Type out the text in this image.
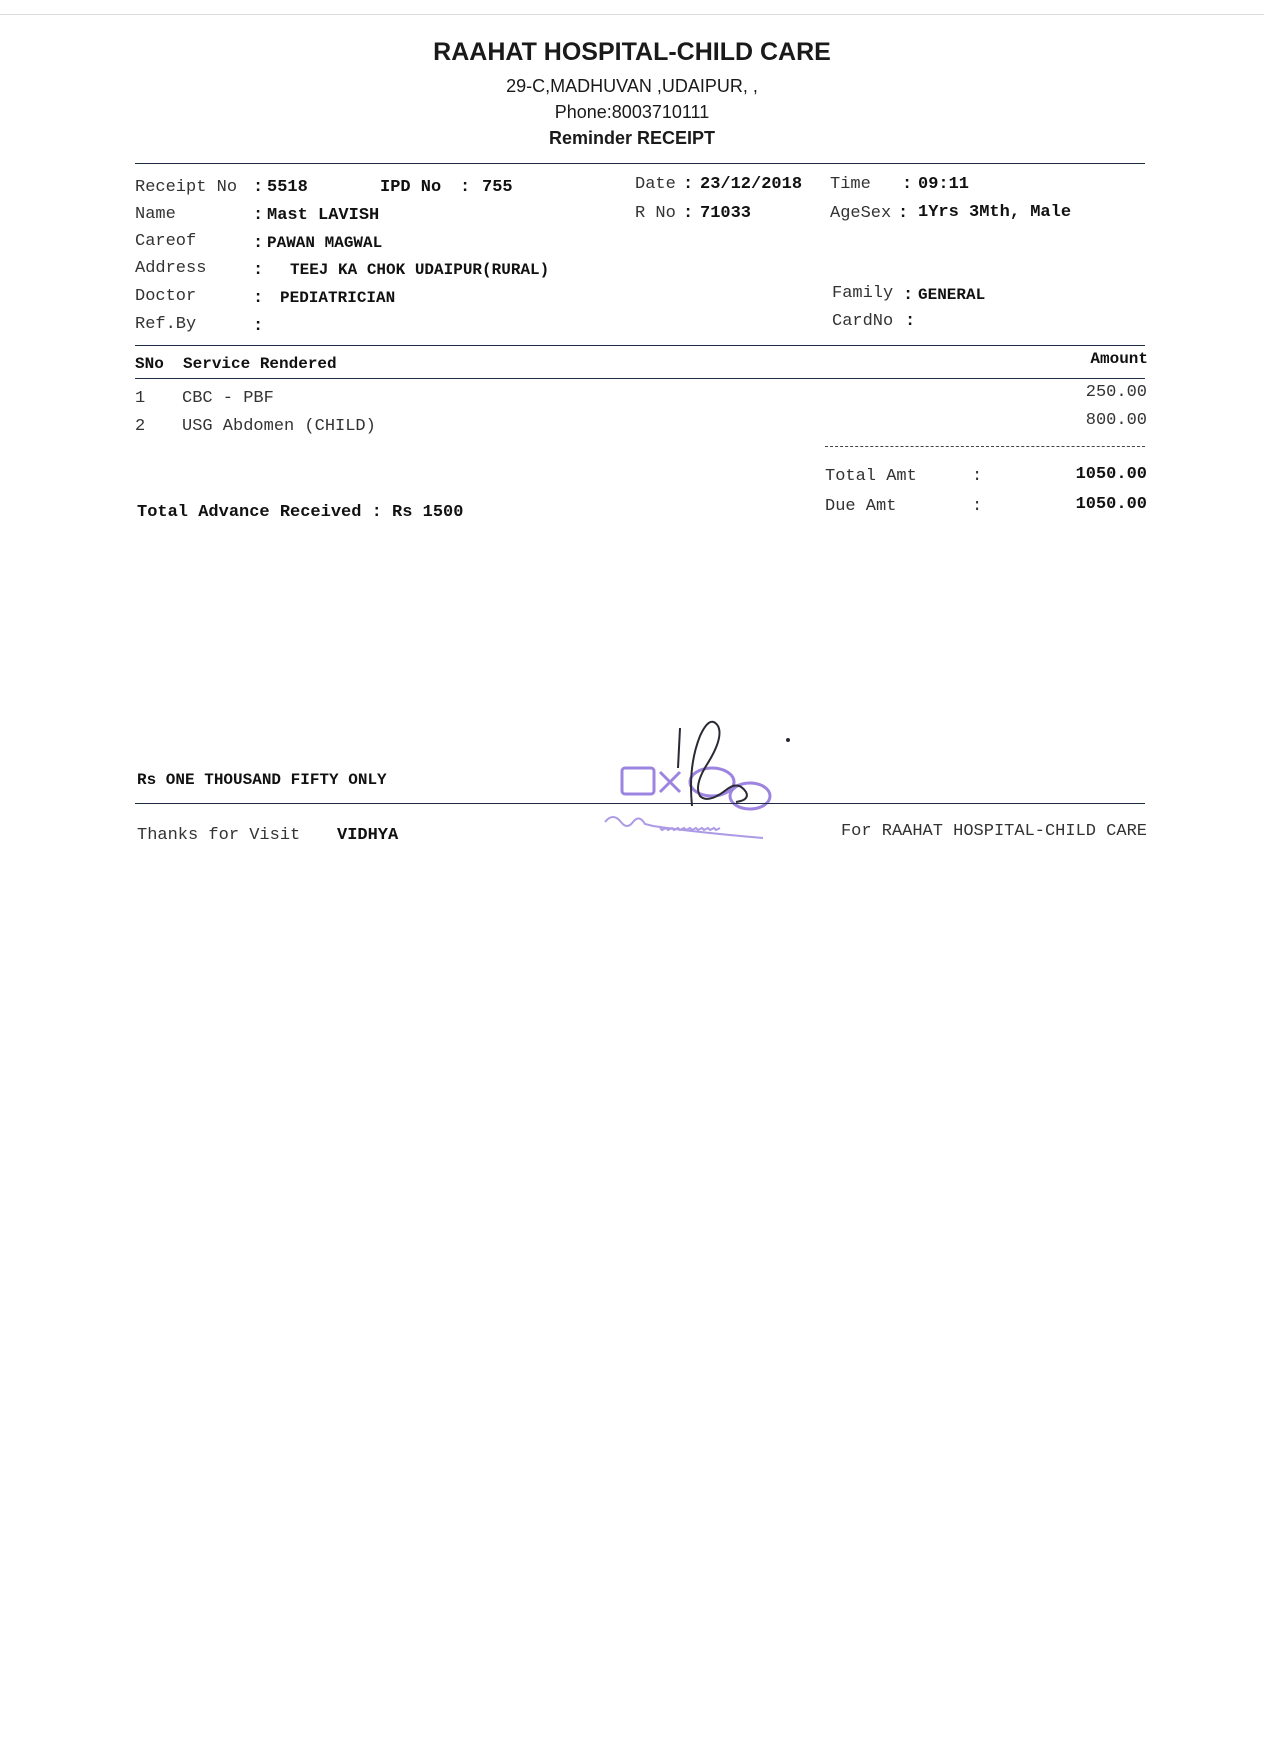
RAAHAT HOSPITAL-CHILD CARE
29-C,MADHUVAN ,UDAIPUR, ,
Phone:8003710111
Reminder RECEIPT
Receipt No : 5518	IPD No : 755	Date : 23/12/2018 Time : 09:11
Name	: Mast LAVISH	R No : 71033	AgeSex : 1Yrs 3Mth, Male
Careof	: PAWAN MAGWAL
Address	: TEEJ KA CHOK UDAIPUR(RURAL)
Doctor	: PEDIATRICIAN	Family : GENERAL
Ref.By	:	CardNo :
SNo  Service Rendered	Amount
1 CBC - PBF	250.00
2 USG Abdomen (CHILD)	800.00
Total Amt	:	1050.00
Due Amt	:	1050.00
Total Advance Received : Rs 1500
Rs ONE THOUSAND FIFTY ONLY
Thanks for Visit VIDHYA	For RAAHAT HOSPITAL-CHILD CARE
